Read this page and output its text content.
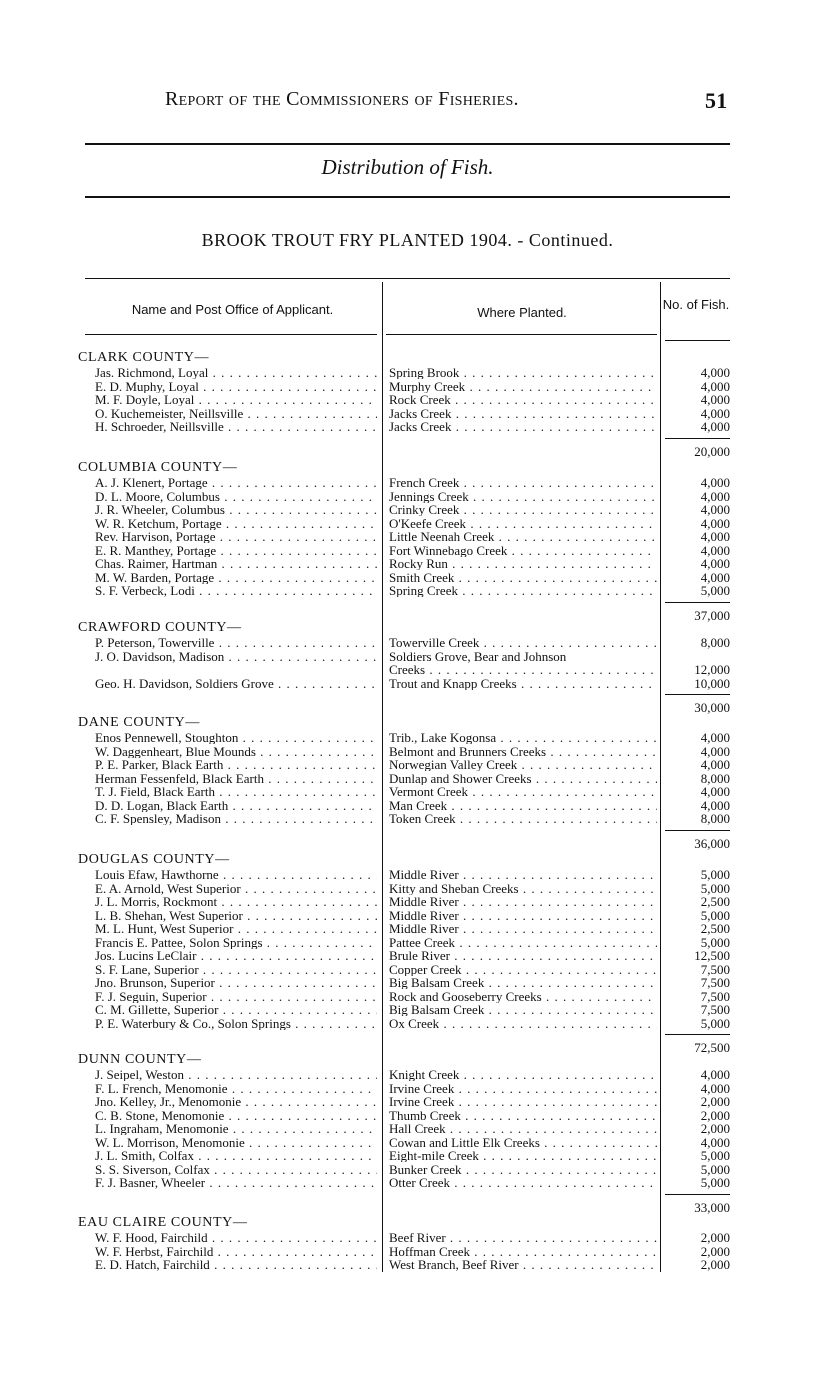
Report of the Commissioners of Fisheries.	51
Distribution of Fish.
BROOK TROUT FRY PLANTED 1904. - Continued.
Name and Post Office of Applicant.	Where Planted.
No. of Fish.
CLARK COUNTY—
Jas. Richmond, Loyal . . .	Spring Brook . . .	4,000
E. D. Muphy, Loyal . . .	Murphy Creek . . .	4,000
M. F. Doyle, Loyal . . .	Rock Creek . . .	4,000
O. Kuchemeister, Neillsville . . .	Jacks Creek . . .	4,000
H. Schroeder, Neillsville . . .	Jacks Creek . . .	4,000
20,000
COLUMBIA COUNTY—
A. J. Klenert, Portage . . .	French Creek . . .	4,000
D. L. Moore, Columbus . . .	Jennings Creek . . .	4,000
J. R. Wheeler, Columbus . . .	Crinky Creek . . .	4,000
W. R. Ketchum, Portage . . .	O'Keefe Creek . . .	4,000
Rev. Harvison, Portage . . .	Little Neenah Creek . . .	4,000
E. R. Manthey, Portage . . .	Fort Winnebago Creek . . .	4,000
Chas. Raimer, Hartman . . .	Rocky Run . . .	4,000
M. W. Barden, Portage . . .	Smith Creek . . .	4,000
S. F. Verbeck, Lodi . . .	Spring Creek . . .	5,000
37,000
CRAWFORD COUNTY—
P. Peterson, Towerville . . .	Towerville Creek . . .	8,000
J. O. Davidson, Madison . . .	Soldiers Grove, Bear and Johnson
Creeks . . .	12,000
Geo. H. Davidson, Soldiers Grove . . .	Trout and Knapp Creeks . . .	10,000
30,000
DANE COUNTY—
Enos Pennewell, Stoughton . . .	Trib., Lake Kogonsa . . .	4,000
W. Daggenheart, Blue Mounds . . .	Belmont and Brunners Creeks . . .	4,000
P. E. Parker, Black Earth . . .	Norwegian Valley Creek . . .	4,000
Herman Fessenfeld, Black Earth . . .	Dunlap and Shower Creeks . . .	8,000
T. J. Field, Black Earth . . .	Vermont Creek . . .	4,000
D. D. Logan, Black Earth . . .	Man Creek . . .	4,000
C. F. Spensley, Madison . . .	Token Creek . . .	8,000
36,000
DOUGLAS COUNTY—
Louis Efaw, Hawthorne . . .	Middle River . . .	5,000
E. A. Arnold, West Superior . . .	Kitty and Sheban Creeks . . .	5,000
J. L. Morris, Rockmont . . .	Middle River . . .	2,500
L. B. Shehan, West Superior . . .	Middle River . . .	5,000
M. L. Hunt, West Superior . . .	Middle River . . .	2,500
Francis E. Pattee, Solon Springs . . .	Pattee Creek . . .	5,000
Jos. Lucins LeClair . . .	Brule River . . .	12,500
S. F. Lane, Superior . . .	Copper Creek . . .	7,500
Jno. Brunson, Superior . . .	Big Balsam Creek . . .	7,500
F. J. Seguin, Superior . . .	Rock and Gooseberry Creeks . . .	7,500
C. M. Gillette, Superior . . .	Big Balsam Creek . . .	7,500
P. E. Waterbury & Co., Solon Springs . . .	Ox Creek . . .	5,000
72,500
DUNN COUNTY—
J. Seipel, Weston . . .	Knight Creek . . .	4,000
F. L. French, Menomonie . . .	Irvine Creek . . .	4,000
Jno. Kelley, Jr., Menomonie . . .	Irvine Creek . . .	2,000
C. B. Stone, Menomonie . . .	Thumb Creek . . .	2,000
L. Ingraham, Menomonie . . .	Hall Creek . . .	2,000
W. L. Morrison, Menomonie . . .	Cowan and Little Elk Creeks . . .	4,000
J. L. Smith, Colfax . . .	Eight-mile Creek . . .	5,000
S. S. Siverson, Colfax . . .	Bunker Creek . . .	5,000
F. J. Basner, Wheeler . . .	Otter Creek . . .	5,000
33,000
EAU CLAIRE COUNTY—
W. F. Hood, Fairchild . . .	Beef River . . .	2,000
W. F. Herbst, Fairchild . . .	Hoffman Creek . . .	2,000
E. D. Hatch, Fairchild . . .	West Branch, Beef River . . .	2,000
